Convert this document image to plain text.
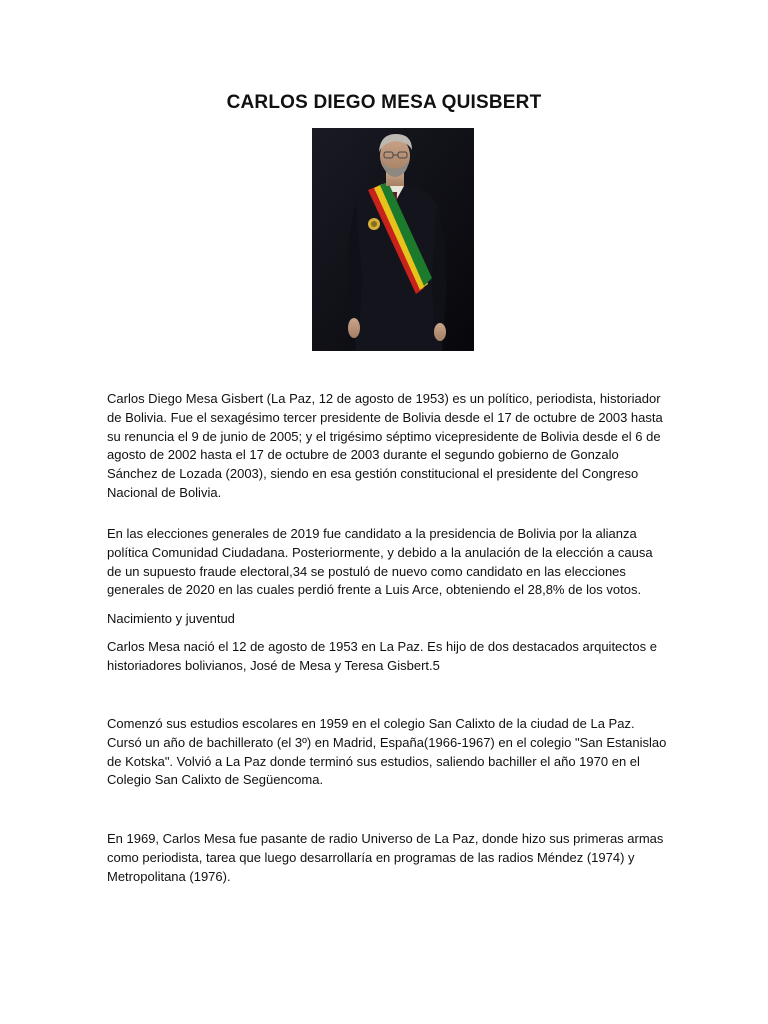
CARLOS DIEGO MESA QUISBERT

Carlos Diego Mesa Gisbert (La Paz, 12 de agosto de 1953) es un político, periodista, historiador de Bolivia. Fue el sexagésimo tercer presidente de Bolivia desde el 17 de octubre de 2003 hasta su renuncia el 9 de junio de 2005; y el trigésimo séptimo vicepresidente de Bolivia desde el 6 de agosto de 2002 hasta el 17 de octubre de 2003 durante el segundo gobierno de Gonzalo Sánchez de Lozada (2003), siendo en esa gestión constitucional el presidente del Congreso Nacional de Bolivia.

En las elecciones generales de 2019 fue candidato a la presidencia de Bolivia por la alianza política Comunidad Ciudadana. Posteriormente, y debido a la anulación de la elección a causa de un supuesto fraude electoral,34 se postuló de nuevo como candidato en las elecciones generales de 2020 en las cuales perdió frente a Luis Arce, obteniendo el 28,8% de los votos.

Nacimiento y juventud

Carlos Mesa nació el 12 de agosto de 1953 en La Paz. Es hijo de dos destacados arquitectos e historiadores bolivianos, José de Mesa y Teresa Gisbert.5

Comenzó sus estudios escolares en 1959 en el colegio San Calixto de la ciudad de La Paz. Cursó un año de bachillerato (el 3º) en Madrid, España(1966-1967) en el colegio "San Estanislao de Kotska". Volvió a La Paz donde terminó sus estudios, saliendo bachiller el año 1970 en el Colegio San Calixto de Següencoma.

En 1969, Carlos Mesa fue pasante de radio Universo de La Paz, donde hizo sus primeras armas como periodista, tarea que luego desarrollaría en programas de las radios Méndez (1974) y Metropolitana (1976).
